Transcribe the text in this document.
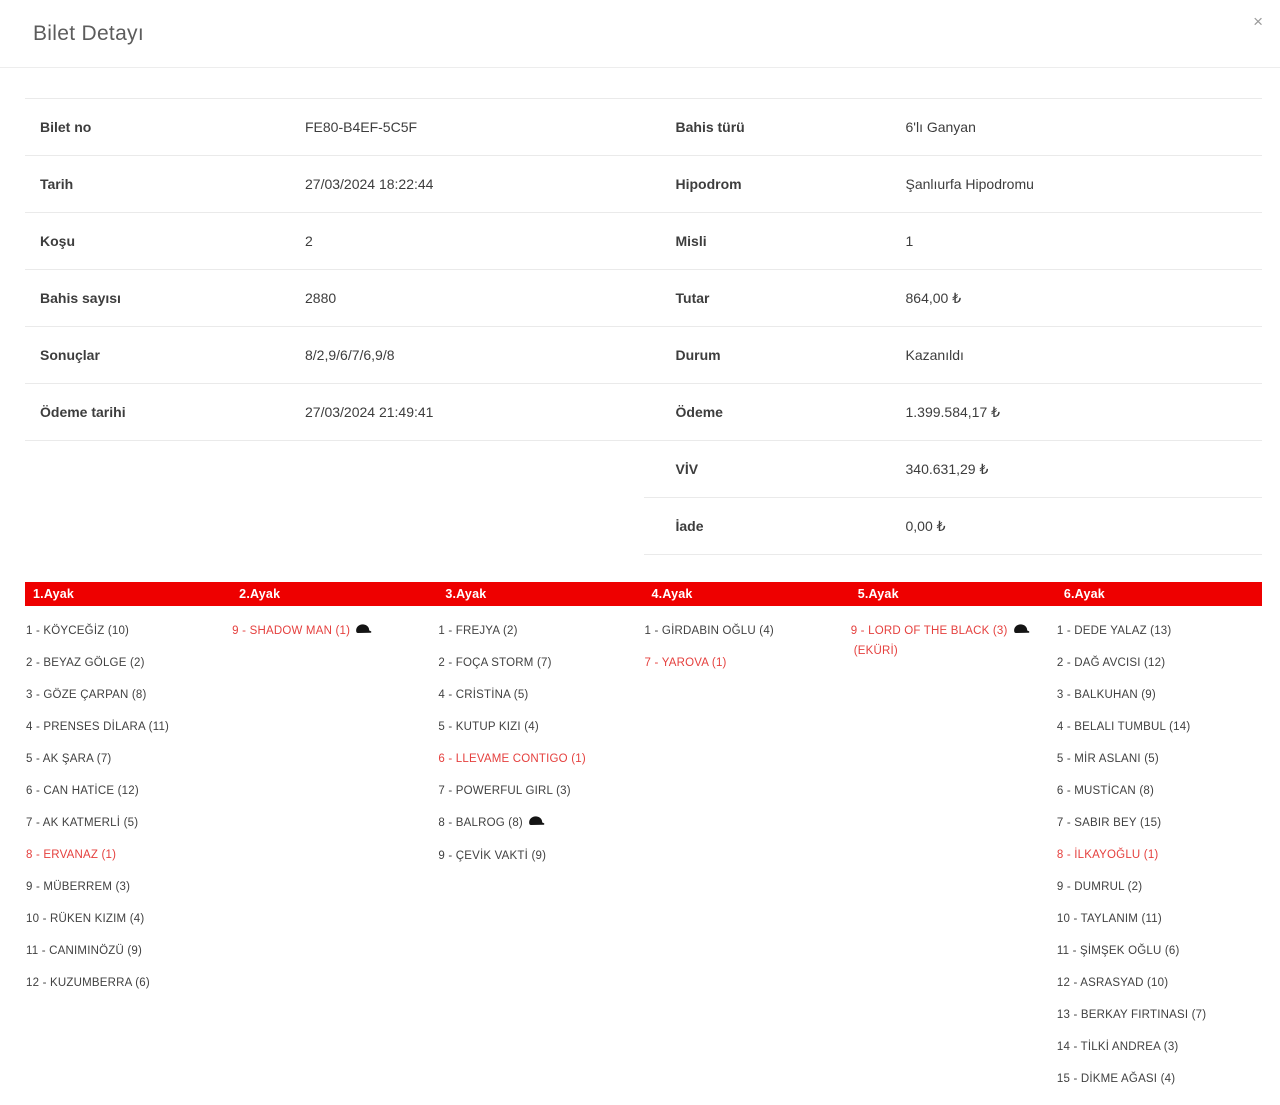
Bilet Detayı
×
Bilet no	FE80-B4EF-5C5F
Tarih	27/03/2024 18:22:44
Koşu	2
Bahis sayısı	2880
Sonuçlar	8/2,9/6/7/6,9/8
Ödeme tarihi	27/03/2024 21:49:41
Bahis türü	6'lı Ganyan
Hipodrom	Şanlıurfa Hipodromu
Misli	1
Tutar	864,00 ₺
Durum	Kazanıldı
Ödeme	1.399.584,17 ₺
VİV	340.631,29 ₺
İade	0,00 ₺
1.Ayak
1 - KÖYCEĞİZ (10)
2 - BEYAZ GÖLGE (2)
3 - GÖZE ÇARPAN (8)
4 - PRENSES DİLARA (11)
5 - AK ŞARA (7)
6 - CAN HATİCE (12)
7 - AK KATMERLİ (5)
8 - ERVANAZ (1)
9 - MÜBERREM (3)
10 - RÜKEN KIZIM (4)
11 - CANIMINÖZÜ (9)
12 - KUZUMBERRA (6)
2.Ayak
9 - SHADOW MAN (1)
3.Ayak
1 - FREJYA (2)
2 - FOÇA STORM (7)
4 - CRİSTİNA (5)
5 - KUTUP KIZI (4)
6 - LLEVAME CONTIGO (1)
7 - POWERFUL GIRL (3)
8 - BALROG (8)
9 - ÇEVİK VAKTİ (9)
4.Ayak
1 - GİRDABIN OĞLU (4)
7 - YAROVA (1)
5.Ayak
9 - LORD OF THE BLACK (3)(EKÜRİ)
6.Ayak
1 - DEDE YALAZ (13)
2 - DAĞ AVCISI (12)
3 - BALKUHAN (9)
4 - BELALI TUMBUL (14)
5 - MİR ASLANI (5)
6 - MUSTİCAN (8)
7 - SABIR BEY (15)
8 - İLKAYOĞLU (1)
9 - DUMRUL (2)
10 - TAYLANIM (11)
11 - ŞİMŞEK OĞLU (6)
12 - ASRASYAD (10)
13 - BERKAY FIRTINASI (7)
14 - TİLKİ ANDREA (3)
15 - DİKME AĞASI (4)
